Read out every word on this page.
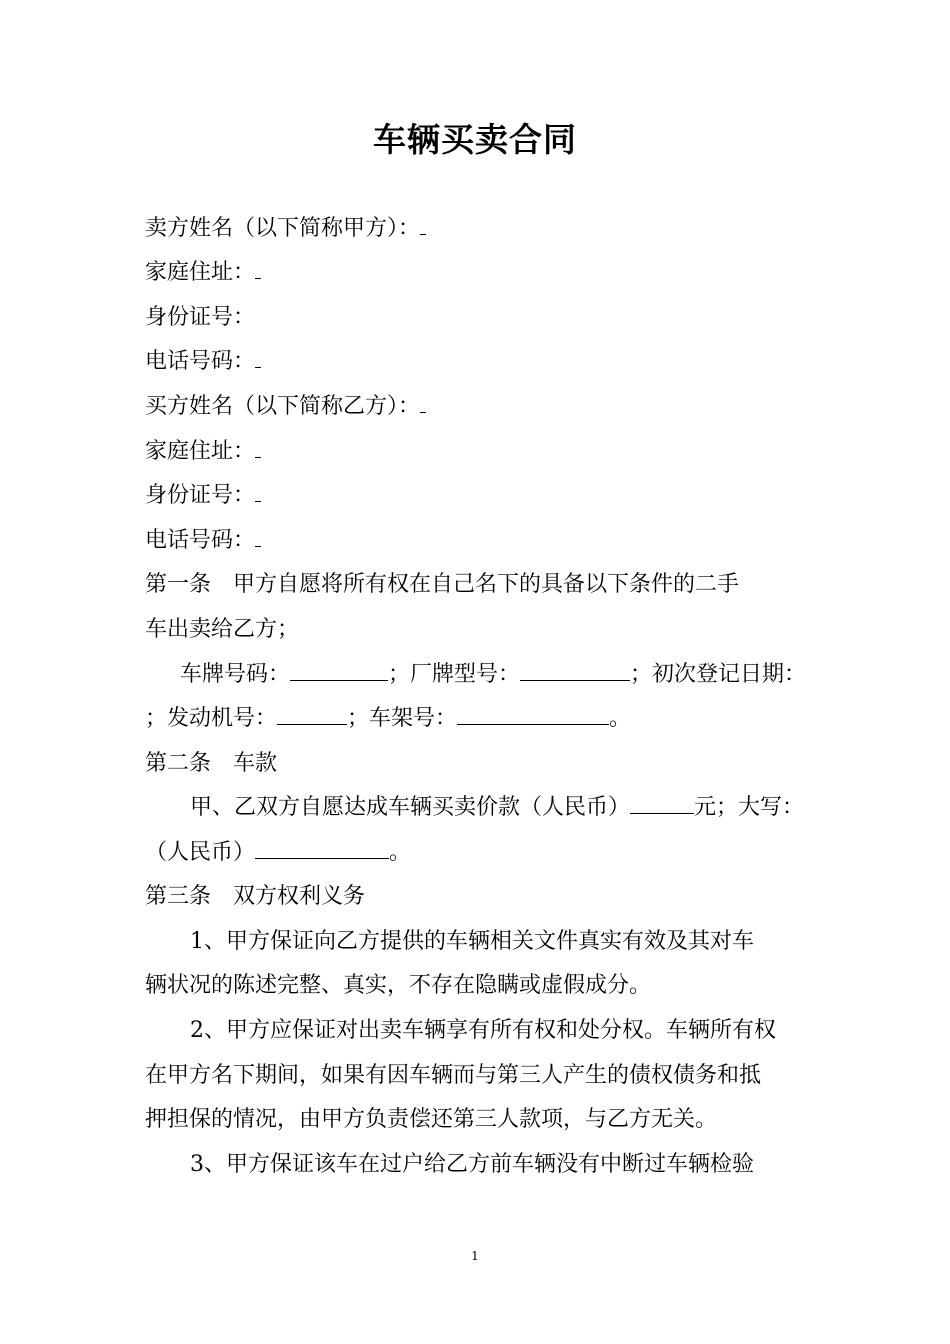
车辆买卖合同
卖方姓名（以下简称甲方）：
家庭住址：
身份证号：
电话号码：
买方姓名（以下简称乙方）：
家庭住址：
身份证号：
电话号码：
第一条　甲方自愿将所有权在自己名下的具备以下条件的二手
车出卖给乙方；
车牌号码：	；厂牌型号：	；初次登记日期：
；发动机号：	；车架号：	。
第二条　车款
甲、乙双方自愿达成车辆买卖价款（人民币）	元；大写：
（人民币）	。
第三条　双方权利义务
1、甲方保证向乙方提供的车辆相关文件真实有效及其对车
辆状况的陈述完整、真实，不存在隐瞒或虚假成分。
2、甲方应保证对出卖车辆享有所有权和处分权。车辆所有权
在甲方名下期间，如果有因车辆而与第三人产生的债权债务和抵
押担保的情况，由甲方负责偿还第三人款项，与乙方无关。
3、甲方保证该车在过户给乙方前车辆没有中断过车辆检验
1
